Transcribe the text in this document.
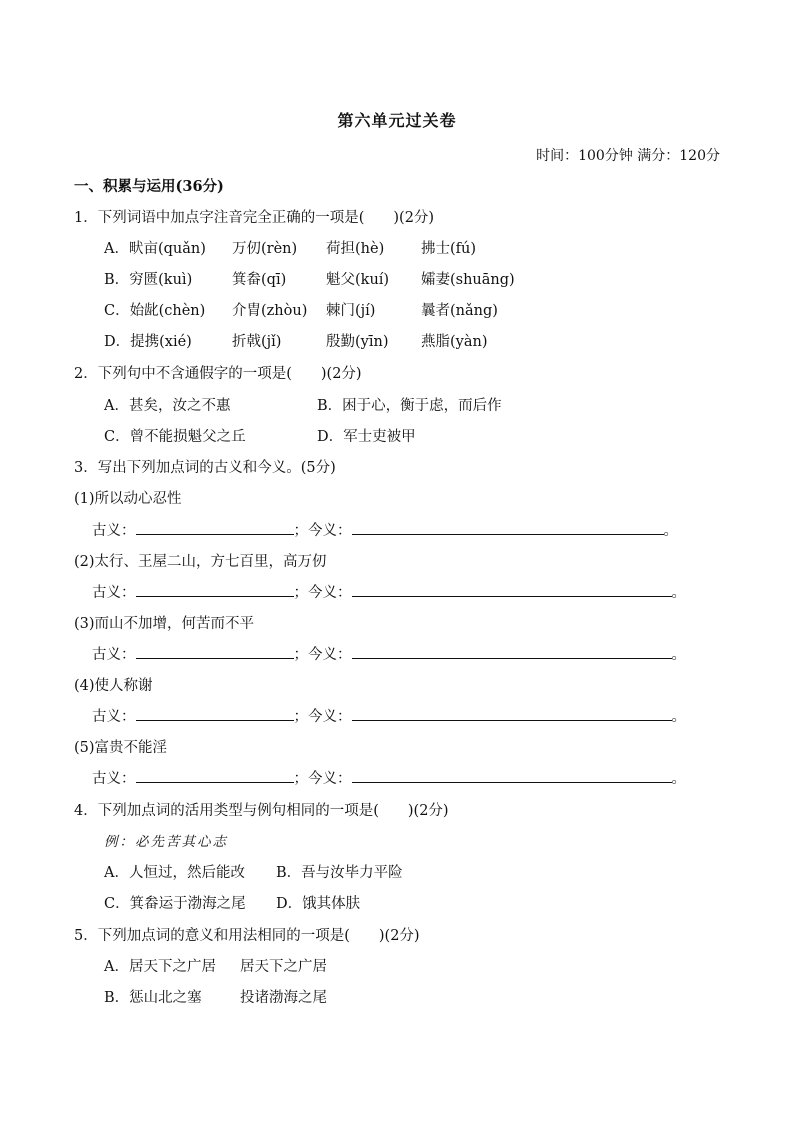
第六单元过关卷
时间：100分钟 满分：120分
一、积累与运用(36分)
1．下列词语中加点字注音完全正确的一项是(　　)(2分)
A．畎亩(quǎn) 万仞(rèn) 荷担(hè)	拂士(fú)
B．穷匮(kuì)	箕畚(qī)	魁父(kuí) 孀妻(shuāng)
C．始龀(chèn) 介胄(zhòu) 棘门(jí)	曩者(nǎng)
D．提携(xié)	折戟(jǐ)	殷勤(yīn) 燕脂(yàn)
2．下列句中不含通假字的一项是(　　)(2分)
A．甚矣，汝之不惠	B．困于心，衡于虑，而后作
C．曾不能损魁父之丘	D．军士吏被甲
3．写出下列加点词的古义和今义。(5分)
(1)所以动心忍性
古义：	；今义：	。
(2)太行、王屋二山，方七百里，高万仞
古义：	；今义：	。
(3)而山不加增，何苦而不平
古义：	；今义：	。
(4)使人称谢
古义：	；今义：	。
(5)富贵不能淫
古义：	；今义：	。
4．下列加点词的活用类型与例句相同的一项是(　　)(2分)
例：必先苦其心志
A．人恒过，然后能改 B．吾与汝毕力平险
C．箕畚运于渤海之尾 D．饿其体肤
5．下列加点词的意义和用法相同的一项是(　　)(2分)
A．居天下之广居 居天下之广居
B．惩山北之塞	投诸渤海之尾
